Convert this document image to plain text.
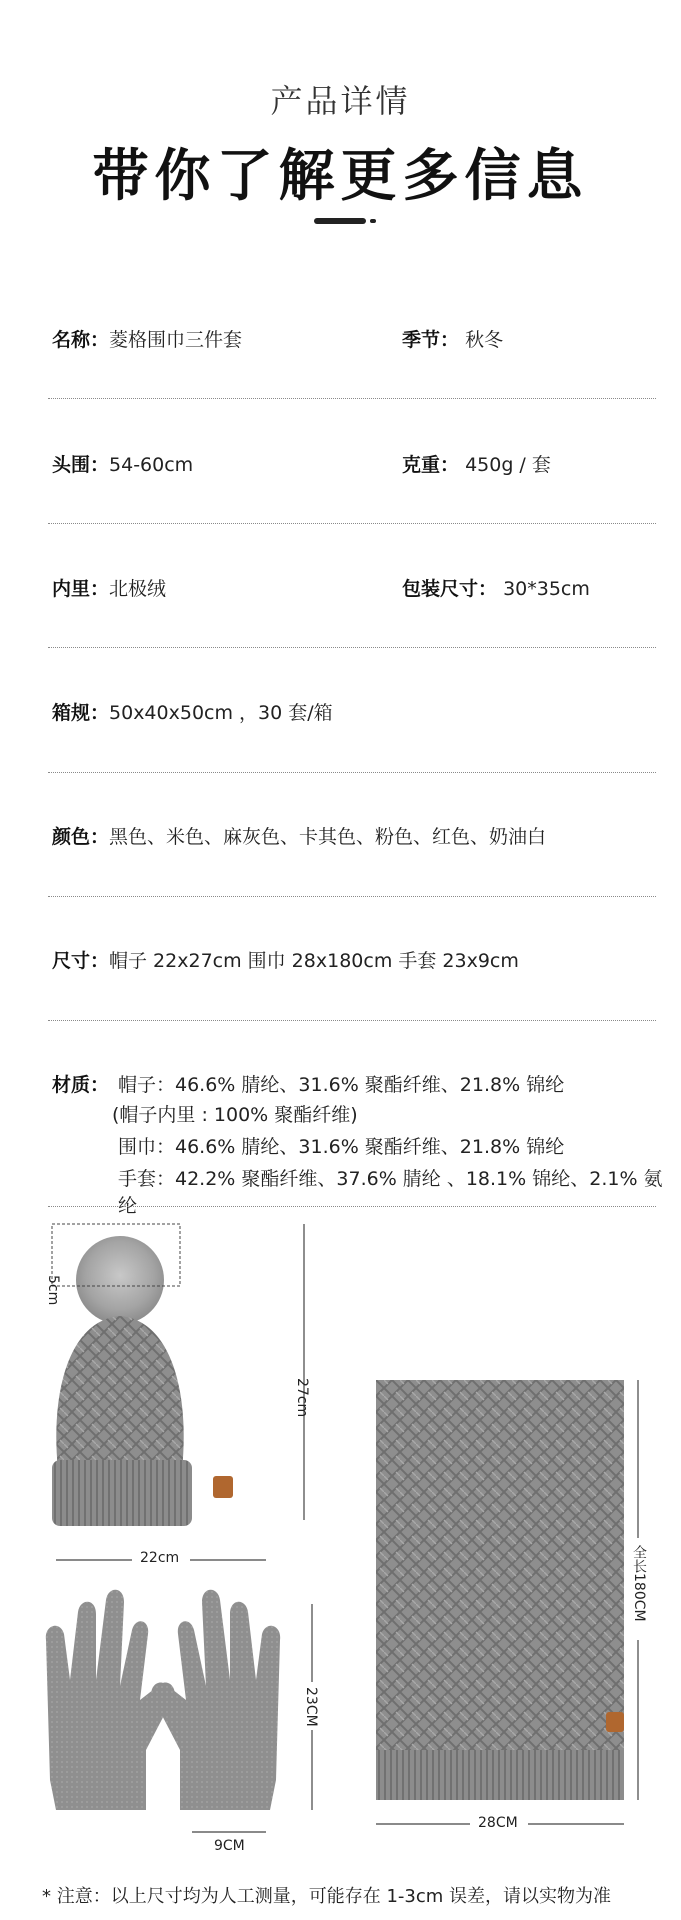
产品详情
带你了解更多信息
名称：菱格围巾三件套	季节： 秋冬
头围：54-60cm	克重： 450g / 套
内里：北极绒	包装尺寸： 30*35cm
箱规：50x40x50cm ，30 套/箱
颜色：黑色、米色、麻灰色、卡其色、粉色、红色、奶油白
尺寸：帽子 22x27cm 围巾 28x180cm 手套 23x9cm
材质： 帽子：46.6% 腈纶、31.6% 聚酯纤维、21.8% 锦纶
(帽子内里 : 100% 聚酯纤维)
围巾：46.6% 腈纶、31.6% 聚酯纤维、21.8% 锦纶
手套：42.2% 聚酯纤维、37.6% 腈纶 、18.1% 锦纶、2.1% 氨纶
5cm
27cm
22cm
23CM
9CM
全长180CM
28CM
* 注意：以上尺寸均为人工测量，可能存在 1-3cm 误差，请以实物为准
